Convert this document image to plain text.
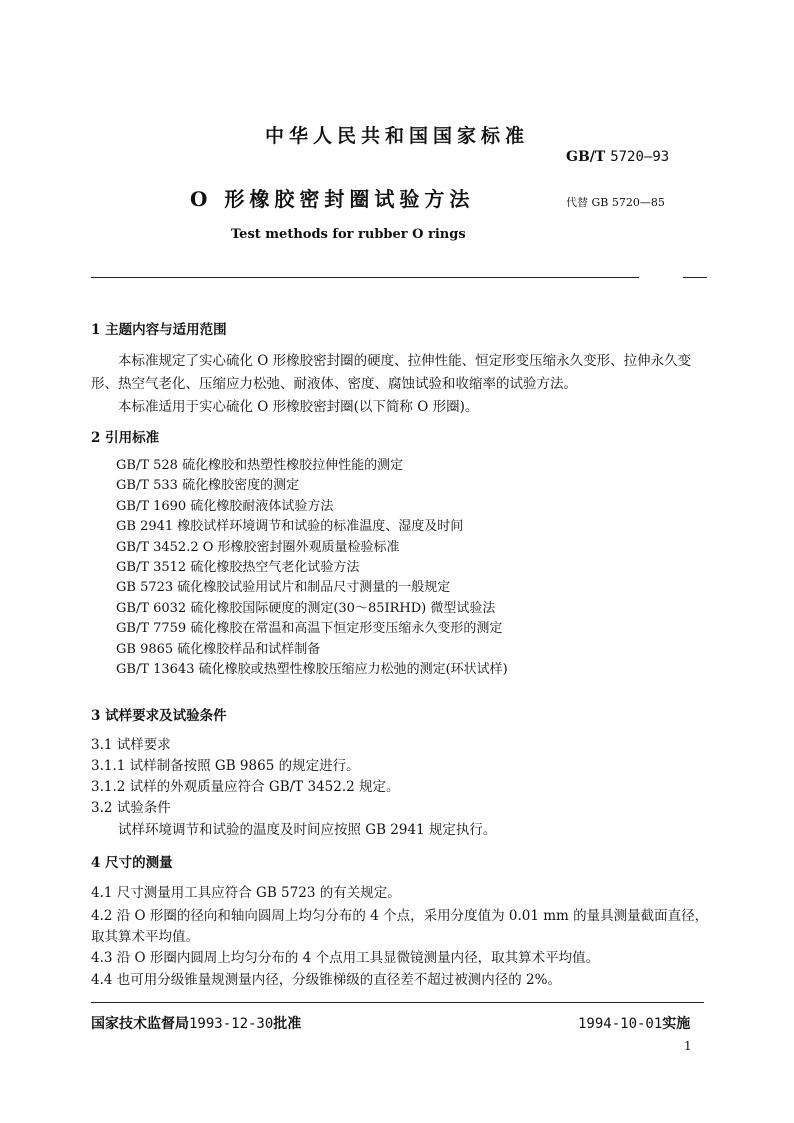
中华人民共和国国家标准
GB/T 5720—93
O 形橡胶密封圈试验方法	代替 GB 5720—85
Test methods for rubber O rings
1 主题内容与适用范围
本标准规定了实心硫化 O 形橡胶密封圈的硬度、拉伸性能、恒定形变压缩永久变形、拉伸永久变
形、热空气老化、压缩应力松弛、耐液体、密度、腐蚀试验和收缩率的试验方法。
本标准适用于实心硫化 O 形橡胶密封圈(以下简称 O 形圈)。
2 引用标准
GB/T 528 硫化橡胶和热塑性橡胶拉伸性能的测定
GB/T 533 硫化橡胶密度的测定
GB/T 1690 硫化橡胶耐液体试验方法
GB 2941 橡胶试样环境调节和试验的标准温度、湿度及时间
GB/T 3452.2 O 形橡胶密封圈外观质量检验标准
GB/T 3512 硫化橡胶热空气老化试验方法
GB 5723 硫化橡胶试验用试片和制品尺寸测量的一般规定
GB/T 6032 硫化橡胶国际硬度的测定(30～85IRHD) 微型试验法
GB/T 7759 硫化橡胶在常温和高温下恒定形变压缩永久变形的测定
GB 9865 硫化橡胶样品和试样制备
GB/T 13643 硫化橡胶或热塑性橡胶压缩应力松弛的测定(环状试样)
3 试样要求及试验条件
3.1 试样要求
3.1.1 试样制备按照 GB 9865 的规定进行。
3.1.2 试样的外观质量应符合 GB/T 3452.2 规定。
3.2 试验条件
试样环境调节和试验的温度及时间应按照 GB 2941 规定执行。
4 尺寸的测量
4.1 尺寸测量用工具应符合 GB 5723 的有关规定。
4.2 沿 O 形圈的径向和轴向圆周上均匀分布的 4 个点，采用分度值为 0.01 mm 的量具测量截面直径，
取其算术平均值。
4.3 沿 O 形圈内圆周上均匀分布的 4 个点用工具显微镜测量内径，取其算术平均值。
4.4 也可用分级锥量规测量内径，分级锥梯级的直径差不超过被测内径的 2%。
国家技术监督局1993-12-30批准	1994-10-01实施
1
